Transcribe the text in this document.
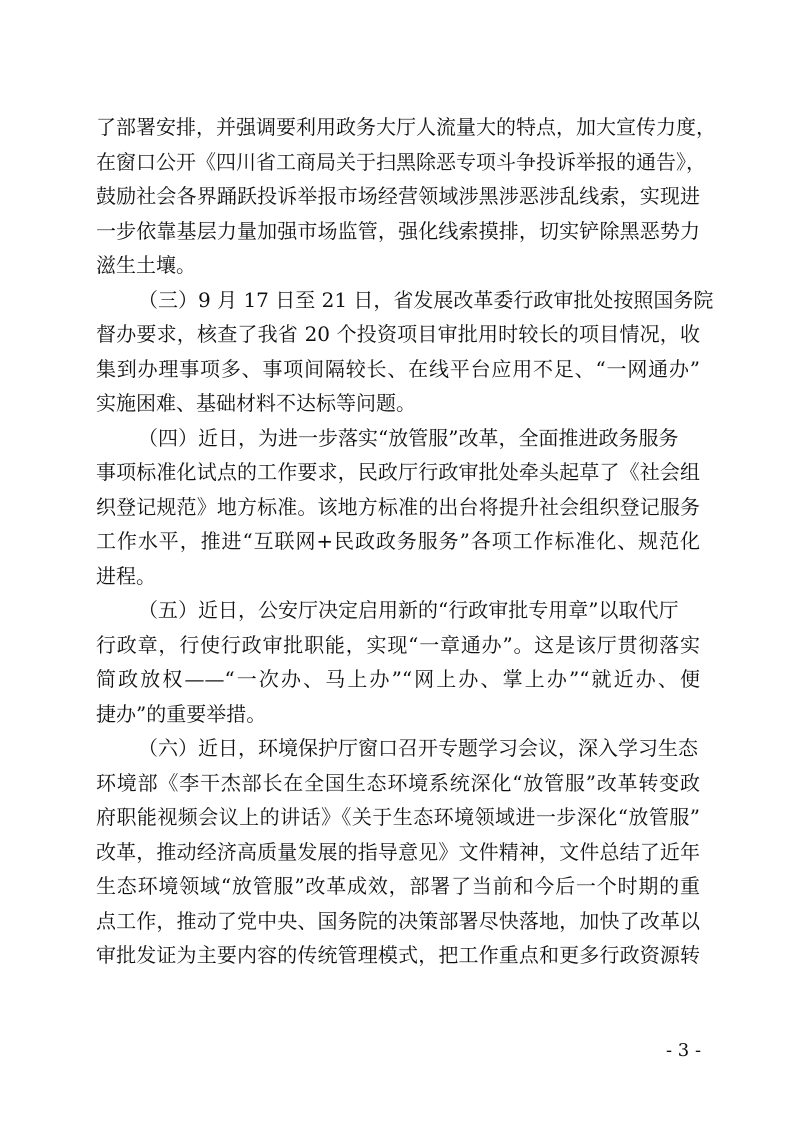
了部署安排，并强调要利用政务大厅人流量大的特点，加大宣传力度，
在窗口公开《四川省工商局关于扫黑除恶专项斗争投诉举报的通告》，
鼓励社会各界踊跃投诉举报市场经营领域涉黑涉恶涉乱线索，实现进
一步依靠基层力量加强市场监管，强化线索摸排，切实铲除黑恶势力
滋生土壤。
（三）9 月 17 日至 21 日，省发展改革委行政审批处按照国务院
督办要求，核查了我省 20 个投资项目审批用时较长的项目情况，收
集到办理事项多、事项间隔较长、在线平台应用不足、“一网通办”
实施困难、基础材料不达标等问题。
（四）近日，为进一步落实“放管服”改革，全面推进政务服务
事项标准化试点的工作要求，民政厅行政审批处牵头起草了《社会组
织登记规范》地方标准。该地方标准的出台将提升社会组织登记服务
工作水平，推进“互联网+民政政务服务”各项工作标准化、规范化
进程。
（五）近日，公安厅决定启用新的“行政审批专用章”以取代厅
行政章，行使行政审批职能，实现“一章通办”。这是该厅贯彻落实
简政放权——“一次办、马上办”“网上办、掌上办”“就近办、便
捷办”的重要举措。
（六）近日，环境保护厅窗口召开专题学习会议，深入学习生态
环境部《李干杰部长在全国生态环境系统深化“放管服”改革转变政
府职能视频会议上的讲话》《关于生态环境领域进一步深化“放管服”
改革，推动经济高质量发展的指导意见》文件精神，文件总结了近年
生态环境领域“放管服”改革成效，部署了当前和今后一个时期的重
点工作，推动了党中央、国务院的决策部署尽快落地，加快了改革以
审批发证为主要内容的传统管理模式，把工作重点和更多行政资源转
- 3 -
